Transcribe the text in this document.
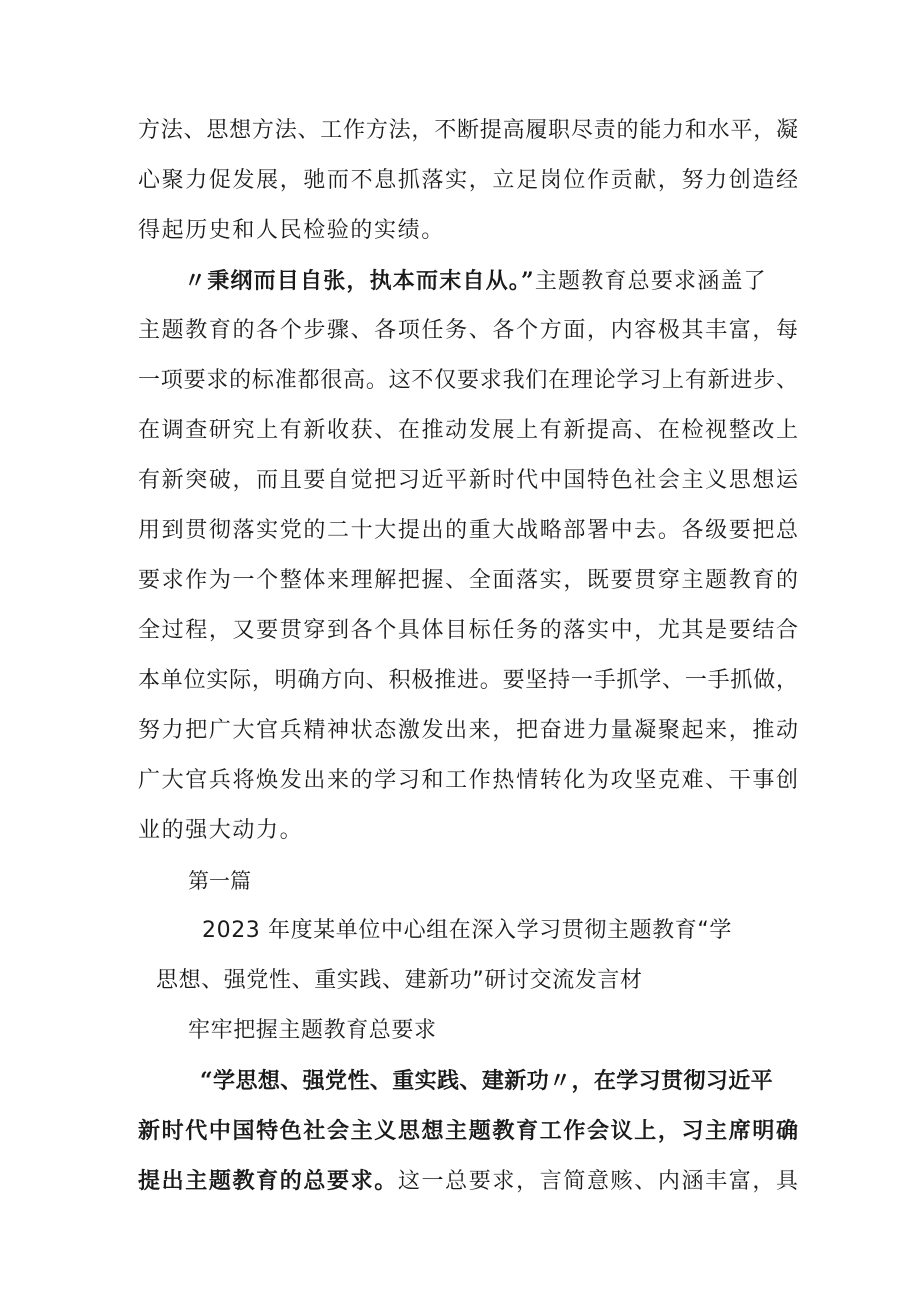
方法、思想方法、工作方法，不断提高履职尽责的能力和水平，凝
心聚力促发展，驰而不息抓落实，立足岗位作贡献，努力创造经
得起历史和人民检验的实绩。
〃秉纲而目自张，执本而末自从。”主题教育总要求涵盖了
主题教育的各个步骤、各项任务、各个方面，内容极其丰富，每
一项要求的标准都很高。这不仅要求我们在理论学习上有新进步、
在调查研究上有新收获、在推动发展上有新提高、在检视整改上
有新突破，而且要自觉把习近平新时代中国特色社会主义思想运
用到贯彻落实党的二十大提出的重大战略部署中去。各级要把总
要求作为一个整体来理解把握、全面落实，既要贯穿主题教育的
全过程，又要贯穿到各个具体目标任务的落实中，尤其是要结合
本单位实际，明确方向、积极推进。要坚持一手抓学、一手抓做，
努力把广大官兵精神状态激发出来，把奋进力量凝聚起来，推动
广大官兵将焕发出来的学习和工作热情转化为攻坚克难、干事创
业的强大动力。
第一篇
2023 年度某单位中心组在深入学习贯彻主题教育“学
思想、强党性、重实践、建新功”研讨交流发言材
牢牢把握主题教育总要求
“学思想、强党性、重实践、建新功〃，在学习贯彻习近平
新时代中国特色社会主义思想主题教育工作会议上，习主席明确
提出主题教育的总要求。这一总要求，言简意赅、内涵丰富，具
